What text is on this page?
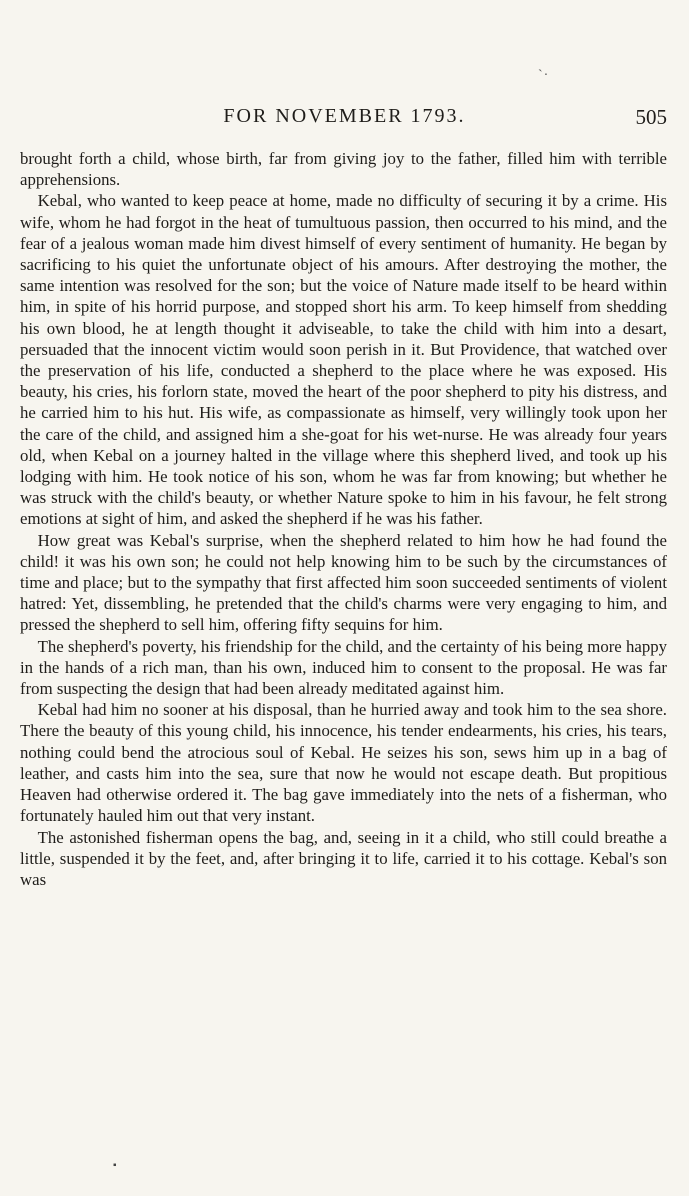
`·
FOR NOVEMBER 1793.	505

brought forth a child, whose birth, far from giving joy to the father, filled him with terrible apprehensions.

Kebal, who wanted to keep peace at home, made no difficulty of securing it by a crime. His wife, whom he had forgot in the heat of tumultuous passion, then occurred to his mind, and the fear of a jealous woman made him divest himself of every sentiment of humanity. He began by sacrificing to his quiet the unfortunate object of his amours. After destroying the mother, the same intention was resolved for the son; but the voice of Nature made itself to be heard within him, in spite of his horrid purpose, and stopped short his arm. To keep himself from shedding his own blood, he at length thought it adviseable, to take the child with him into a desart, persuaded that the innocent victim would soon perish in it. But Providence, that watched over the preservation of his life, conducted a shepherd to the place where he was exposed. His beauty, his cries, his forlorn state, moved the heart of the poor shepherd to pity his distress, and he carried him to his hut. His wife, as compassionate as himself, very willingly took upon her the care of the child, and assigned him a she-goat for his wet-nurse. He was already four years old, when Kebal on a journey halted in the village where this shepherd lived, and took up his lodging with him. He took notice of his son, whom he was far from knowing; but whether he was struck with the child's beauty, or whether Nature spoke to him in his favour, he felt strong emotions at sight of him, and asked the shepherd if he was his father.

How great was Kebal's surprise, when the shepherd related to him how he had found the child! it was his own son; he could not help knowing him to be such by the circumstances of time and place; but to the sympathy that first affected him soon succeeded sentiments of violent hatred: Yet, dissembling, he pretended that the child's charms were very engaging to him, and pressed the shepherd to sell him, offering fifty sequins for him.

The shepherd's poverty, his friendship for the child, and the certainty of his being more happy in the hands of a rich man, than his own, induced him to consent to the proposal. He was far from suspecting the design that had been already meditated against him.

Kebal had him no sooner at his disposal, than he hurried away and took him to the sea shore. There the beauty of this young child, his innocence, his tender endearments, his cries, his tears, nothing could bend the atrocious soul of Kebal. He seizes his son, sews him up in a bag of leather, and casts him into the sea, sure that now he would not escape death. But propitious Heaven had otherwise ordered it. The bag gave immediately into the nets of a fisherman, who fortunately hauled him out that very instant.

The astonished fisherman opens the bag, and, seeing in it a child, who still could breathe a little, suspended it by the feet, and, after bringing it to life, carried it to his cottage. Kebal's son was

▪
